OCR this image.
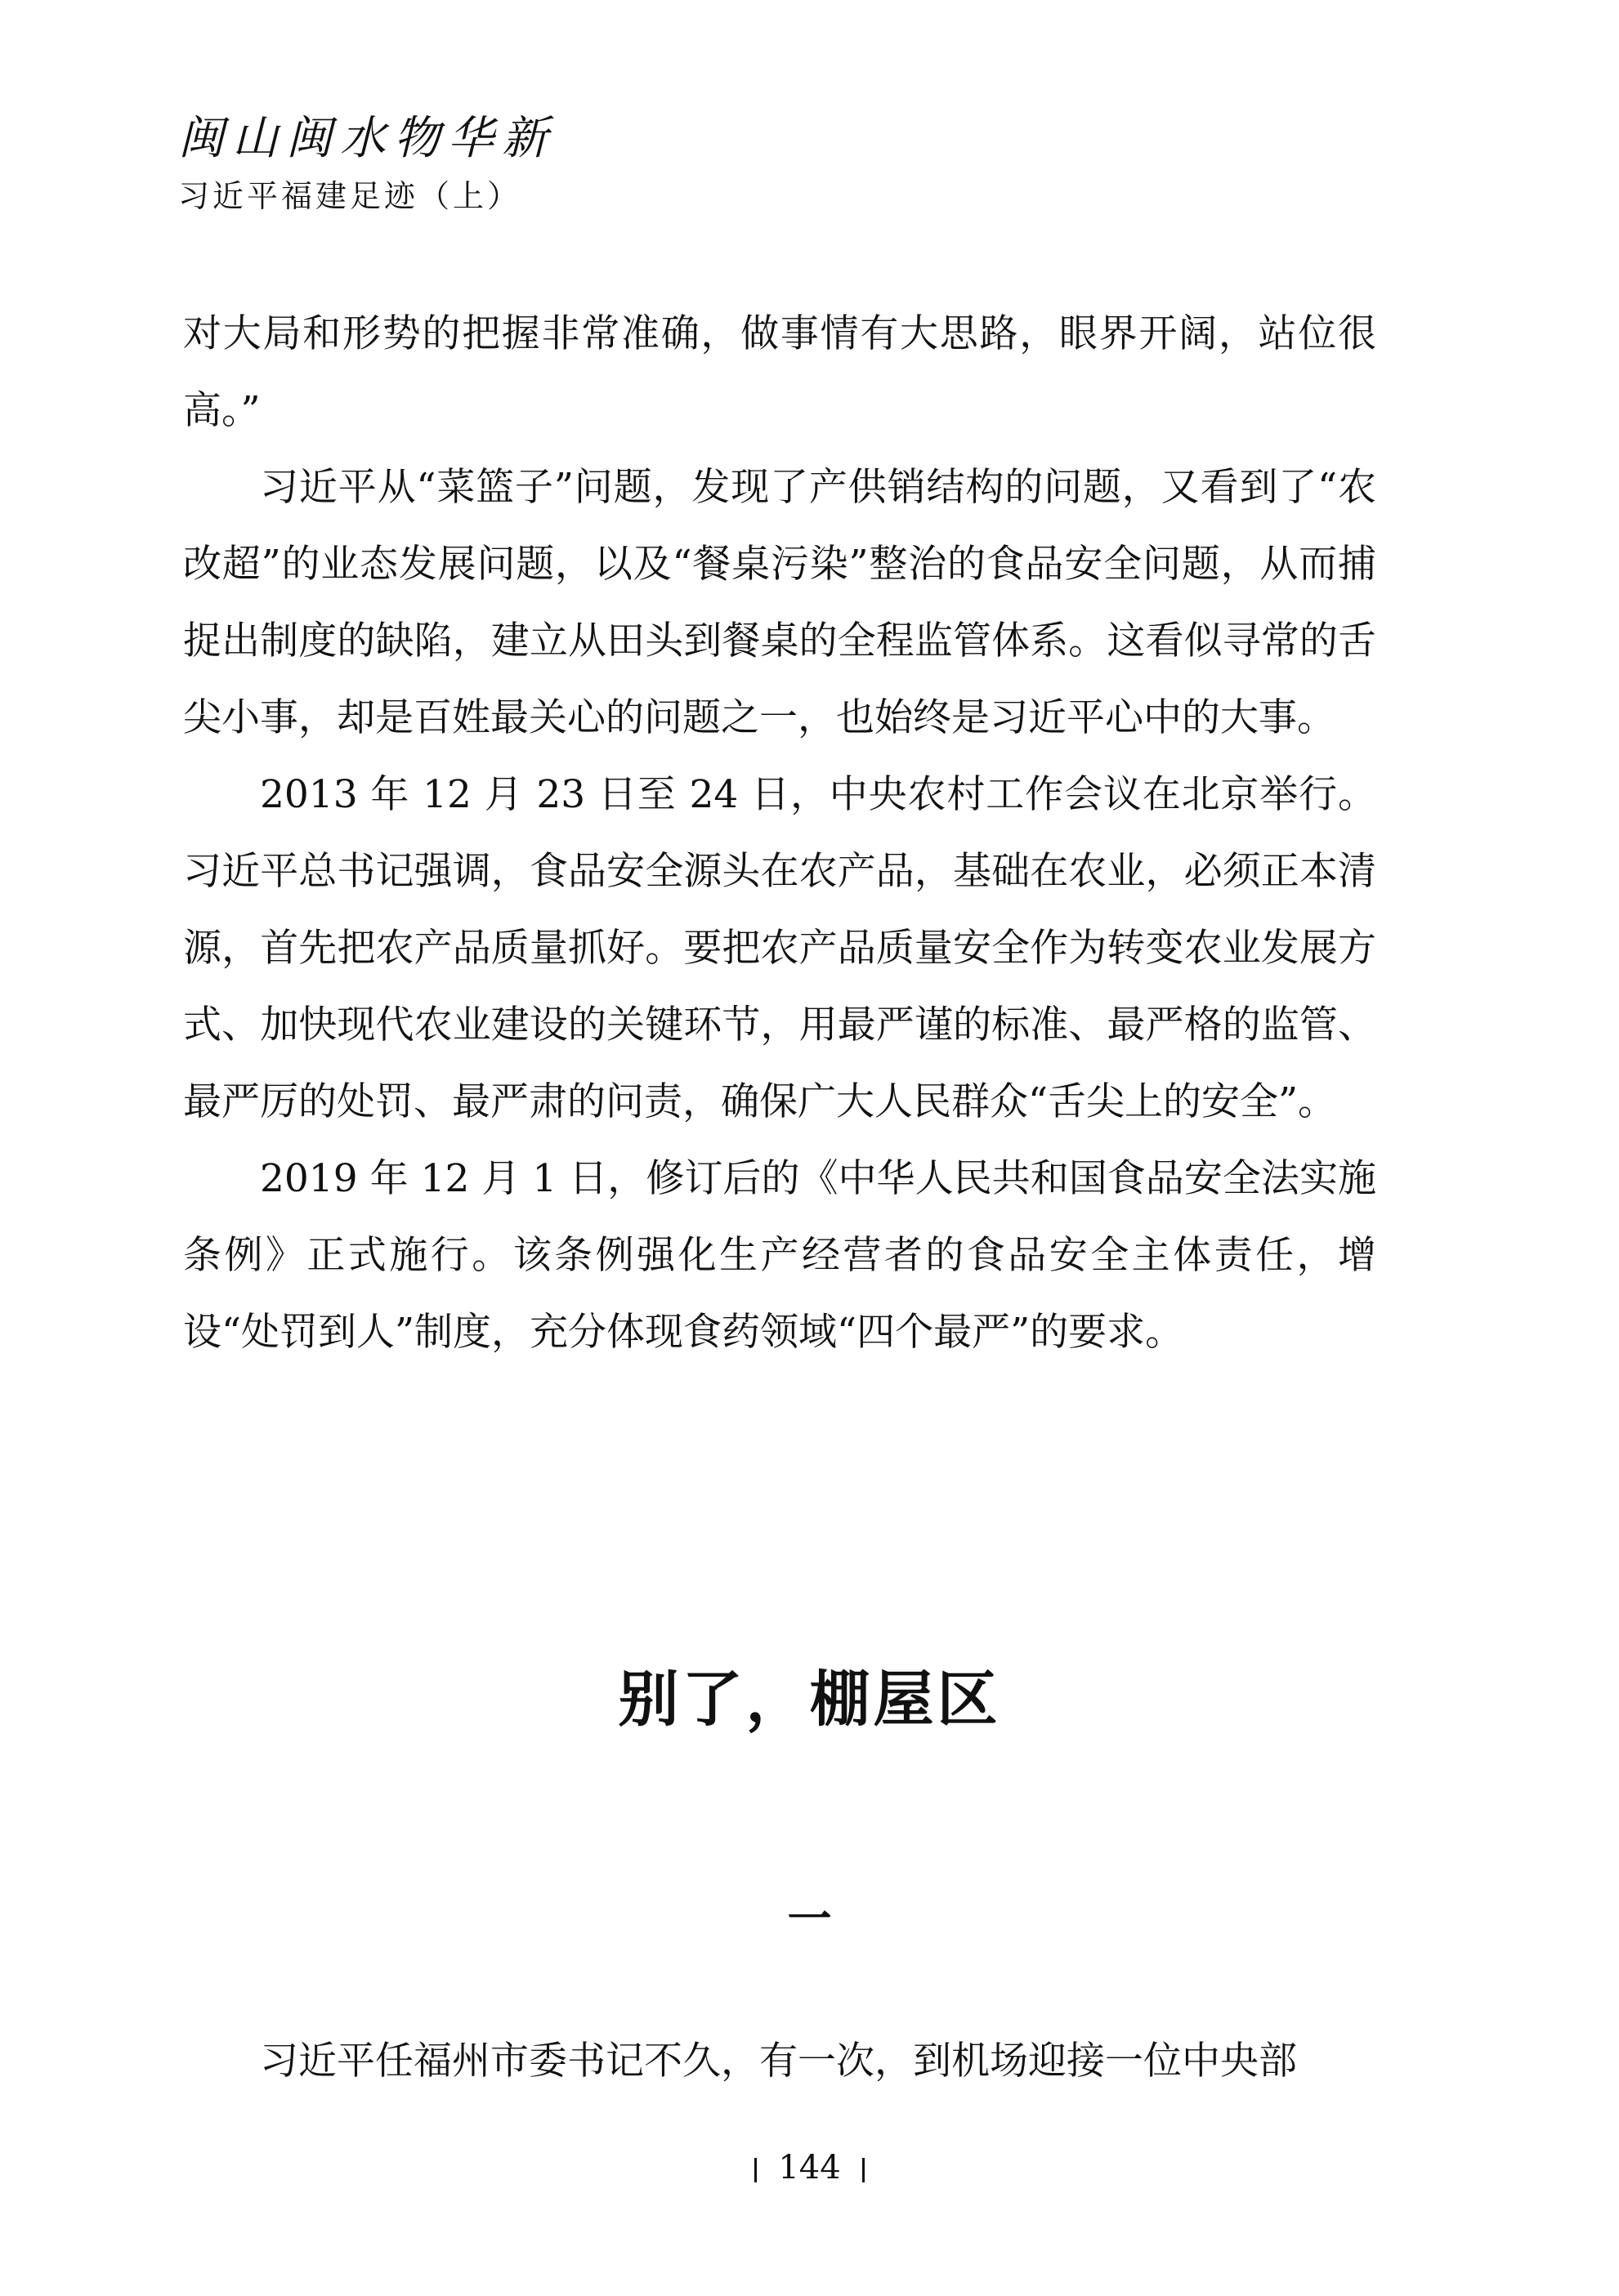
闽山闽水物华新
习近平福建足迹（上）

对大局和形势的把握非常准确，做事情有大思路，眼界开阔，站位很高。”

习近平从“菜篮子”问题，发现了产供销结构的问题，又看到了“农改超”的业态发展问题，以及“餐桌污染”整治的食品安全问题，从而捕捉出制度的缺陷，建立从田头到餐桌的全程监管体系。这看似寻常的舌尖小事，却是百姓最关心的问题之一，也始终是习近平心中的大事。

2013 年 12 月 23 日至 24 日，中央农村工作会议在北京举行。习近平总书记强调，食品安全源头在农产品，基础在农业，必须正本清源，首先把农产品质量抓好。要把农产品质量安全作为转变农业发展方式、加快现代农业建设的关键环节，用最严谨的标准、最严格的监管、最严厉的处罚、最严肃的问责，确保广大人民群众“舌尖上的安全”。

2019 年 12 月 1 日，修订后的《中华人民共和国食品安全法实施条例》正式施行。该条例强化生产经营者的食品安全主体责任，增设“处罚到人”制度，充分体现食药领域“四个最严”的要求。

别了，棚屋区
一

习近平任福州市委书记不久，有一次，到机场迎接一位中央部

144
